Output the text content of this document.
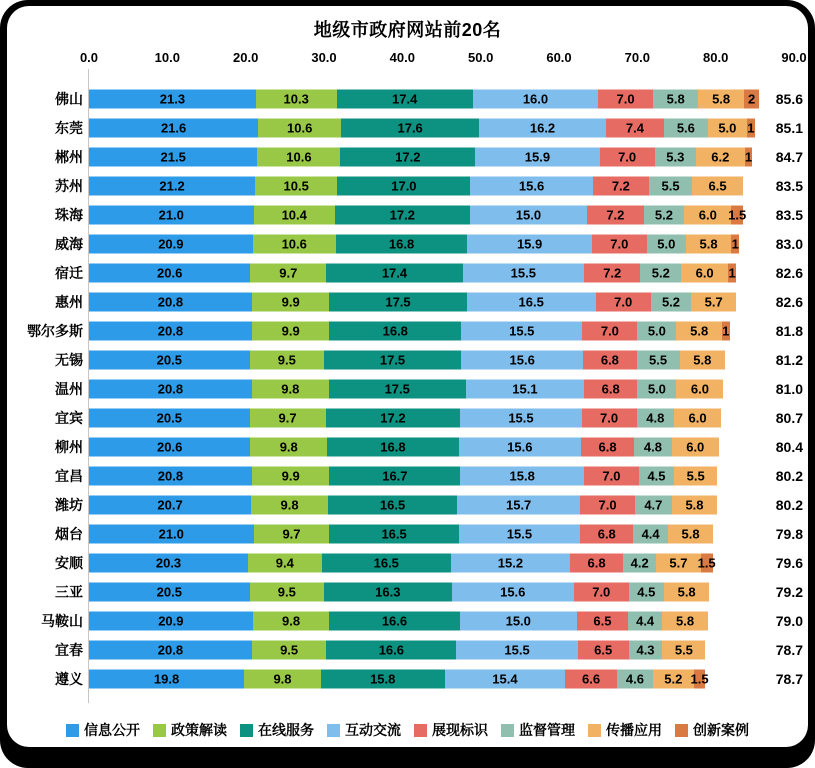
地级市政府网站前20名
0.0	10.0	20.0	30.0	40.0	50.0	60.0	70.0	80.0	90.0
佛山	21.3	10.3	17.4	16.0	7.0 5.8 5.8 2	85.6
东莞	21.6	10.6	17.6	16.2	7.4	5.6 5.0 1	85.1
郴州	21.5	10.6	17.2	15.9	7.0 5.3 6.2 1	84.7
苏州	21.2	10.5	17.0	15.6	7.2 5.5 6.5	83.5
珠海	21.0	10.4	17.2	15.0	7.2 5.2 6.0 1.5	83.5
威海	20.9	10.6	16.8	15.9	7.0 5.0 5.8 1	83.0
宿迁	20.6	9.7	17.4	15.5	7.2 5.2 6.0 1	82.6
惠州	20.8	9.9	17.5	16.5	7.0 5.2 5.7	82.6
鄂尔多斯	20.8	9.9	16.8	15.5	7.0 5.0 5.8 1	81.8
无锡	20.5	9.5	17.5	15.6	6.8 5.5 5.8	81.2
温州	20.8	9.8	17.5	15.1	6.8 5.0 6.0	81.0
宜宾	20.5	9.7	17.2	15.5	7.0 4.8 6.0	80.7
柳州	20.6	9.8	16.8	15.6	6.8 4.8 6.0	80.4
宜昌	20.8	9.9	16.7	15.8	7.0 4.5 5.5	80.2
潍坊	20.7	9.8	16.5	15.7	7.0 4.7 5.8	80.2
烟台	21.0	9.7	16.5	15.5	6.8 4.4 5.8	79.8
安顺	20.3	9.4	16.5	15.2	6.8 4.2 5.7 1.5	79.6
三亚	20.5	9.5	16.3	15.6	7.0 4.5 5.8	79.2
马鞍山	20.9	9.8	16.6	15.0	6.5 4.4 5.8	79.0
宜春	20.8	9.5	16.6	15.5	6.5 4.3 5.5	78.7
遵义	19.8	9.8	15.8	15.4	6.6 4.6 5.2 1.5	78.7
信息公开 政策解读 在线服务 互动交流 展现标识 监督管理 传播应用 创新案例
